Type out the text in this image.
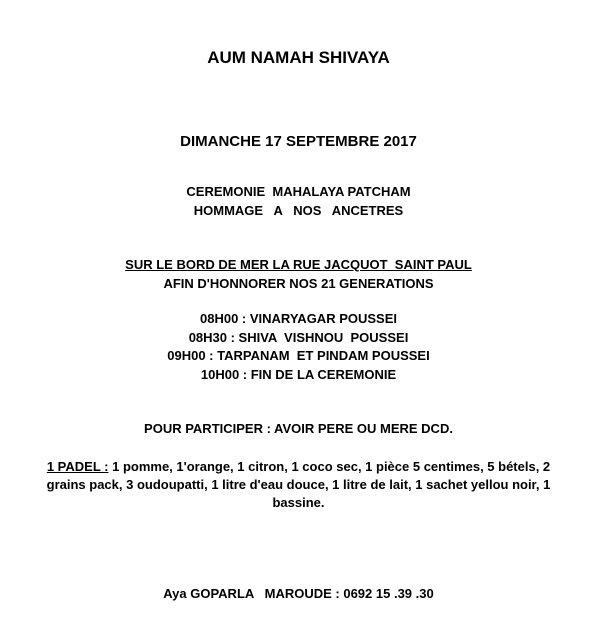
AUM NAMAH SHIVAYA
DIMANCHE 17 SEPTEMBRE 2017
CEREMONIE  MAHALAYA PATCHAM
HOMMAGE   A   NOS   ANCETRES
SUR LE BORD DE MER LA RUE JACQUOT  SAINT PAUL
AFIN D'HONNORER NOS 21 GENERATIONS
08H00 : VINARYAGAR POUSSEI
08H30 : SHIVA  VISHNOU  POUSSEI
09H00 : TARPANAM  ET PINDAM POUSSEI
10H00 : FIN DE LA CEREMONIE
POUR PARTICIPER : AVOIR PERE OU MERE DCD.
1 PADEL : 1 pomme, 1'orange, 1 citron, 1 coco sec, 1 pièce 5 centimes, 5 bétels, 2 grains pack, 3 oudoupatti, 1 litre d'eau douce, 1 litre de lait, 1 sachet yellou noir, 1 bassine.
Aya GOPARLA   MAROUDE : 0692 15 .39 .30
